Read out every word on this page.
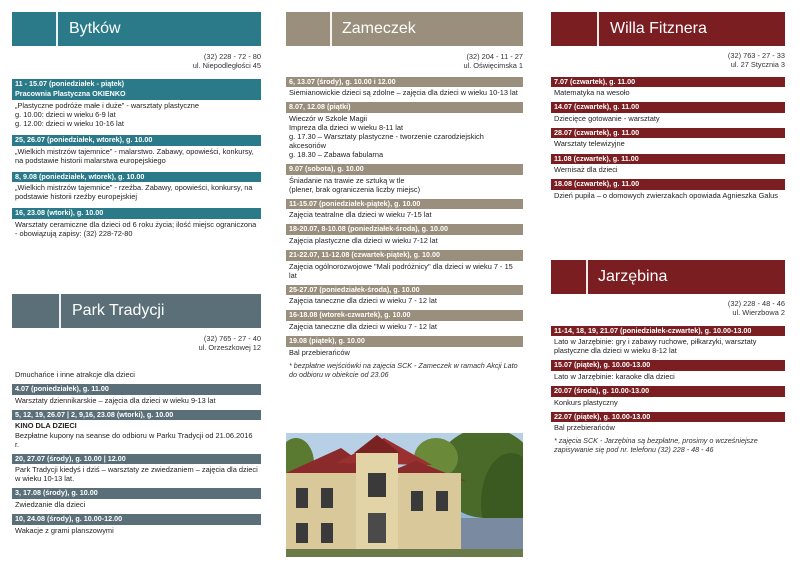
Bytków
(32) 228 - 72 - 80
ul. Niepodległości 45
11 - 15.07 (poniedziałek - piątek)
Pracownia Plastyczna OKIENKO
„Plastyczne podróże małe i duże” - warsztaty plastyczne
g. 10.00: dzieci w wieku 6-9 lat
g. 12.00: dzieci w wieku 10-16 lat
25, 26.07 (poniedziałek, wtorek), g. 10.00
„Wielkich mistrzów tajemnice” - malarstwo. Zabawy, opowieści, konkursy, na podstawie historii malarstwa europejskiego
8, 9.08 (poniedziałek, wtorek), g. 10.00
„Wielkich mistrzów tajemnice” - rzeźba. Zabawy, opowieści, konkursy, na podstawie historii rzeźby europejskiej
16, 23.08 (wtorki), g. 10.00
Warsztaty ceramiczne dla dzieci od 6 roku życia; ilość miejsc ograniczona - obowiązują zapisy: (32) 228-72-80
Park Tradycji
(32) 765 - 27 - 40
ul. Orzeszkowej 12
1, 8, 15, 22, 29.07 | 5, 12, 19, 26.08 (piątki), g. 10.00-14.00
Dmuchańce i inne atrakcje dla dzieci
4.07 (poniedziałek), g. 11.00
Warsztaty dziennikarskie – zajęcia dla dzieci w wieku 9-13 lat
5, 12, 19, 26.07 | 2, 9,16, 23.08 (wtorki), g. 10.00
KINO DLA DZIECI
Bezpłatne kupony na seanse do odbioru w Parku Tradycji od 21.06.2016 r.
20, 27.07 (środy), g. 10.00 | 12.00
Park Tradycji kiedyś i dziś – warsztaty ze zwiedzaniem – zajęcia dla dzieci w wieku 10-13 lat.
3, 17.08 (środy), g. 10.00
Zwiedzanie dla dzieci
10, 24.08 (środy), g. 10.00-12.00
Wakacje z grami planszowymi
Zameczek
(32) 204 - 11 - 27
ul. Oświęcimska 1
6, 13.07 (środy), g. 10.00 i 12.00
Siemianowickie dzieci są zdolne – zajęcia dla dzieci w wieku 10-13 lat
8.07, 12.08 (piątki)
Wieczór w Szkole Magii
Impreza dla dzieci w wieku 8-11 lat
g. 17.30 – Warsztaty plastyczne - tworzenie czarodziejskich akcesoriów
g. 18.30 – Zabawa fabularna
9.07 (sobota), g. 10.00
Śniadanie na trawie ze sztuką w tle
(plener, brak ograniczenia liczby miejsc)
11-15.07 (poniedziałek-piątek), g. 10.00
Zajęcia teatralne dla dzieci w wieku 7-15 lat
18-20.07, 8-10.08 (poniedziałek-środa), g. 10.00
Zajęcia plastyczne dla dzieci w wieku 7-12 lat
21-22.07, 11-12.08 (czwartek-piątek), g. 10.00
Zajęcia ogólnorozwojowe "Mali podróżnicy" dla dzieci w wieku 7 - 15 lat
25-27.07 (poniedziałek-środa), g. 10.00
Zajęcia taneczne dla dzieci w wieku 7 - 12 lat
16-18.08 (wtorek-czwartek), g. 10.00
Zajęcia taneczne dla dzieci w wieku 7 - 12 lat
19.08 (piątek), g. 10.00
Bal przebierańców
* bezpłatne wejściówki na zajęcia SCK - Zameczek w ramach Akcji Lato do odbioru w obiekcie od 23.06
Willa Fitznera
(32) 763 - 27 - 33
ul. 27 Stycznia 3
7.07 (czwartek), g. 11.00
Matematyka na wesoło
14.07 (czwartek), g. 11.00
Dziecięce gotowanie - warsztaty
28.07 (czwartek), g. 11.00
Warsztaty telewizyjne
11.08 (czwartek), g. 11.00
Wernisaż dla dzieci
18.08 (czwartek), g. 11.00
Dzień pupila – o domowych zwierzakach opowiada Agnieszka Galus
Jarzębina
(32) 228 - 48 - 46
ul. Wierzbowa 2
11-14, 18, 19, 21.07 (poniedziałek-czwartek), g. 10.00-13.00
Lato w Jarzębinie: gry i zabawy ruchowe, piłkarzyki, warsztaty plastyczne dla dzieci w wieku 8-12 lat
15.07 (piątek), g. 10.00-13.00
Lato w Jarzębinie: karaoke dla dzieci
20.07 (środa), g. 10.00-13.00
Konkurs plastyczny
22.07 (piątek), g. 10.00-13.00
Bal przebierańców
* zajęcia SCK - Jarzębina są bezpłatne, prosimy o wcześniejsze zapisywanie się pod nr. telefonu (32) 228 - 48 - 46
